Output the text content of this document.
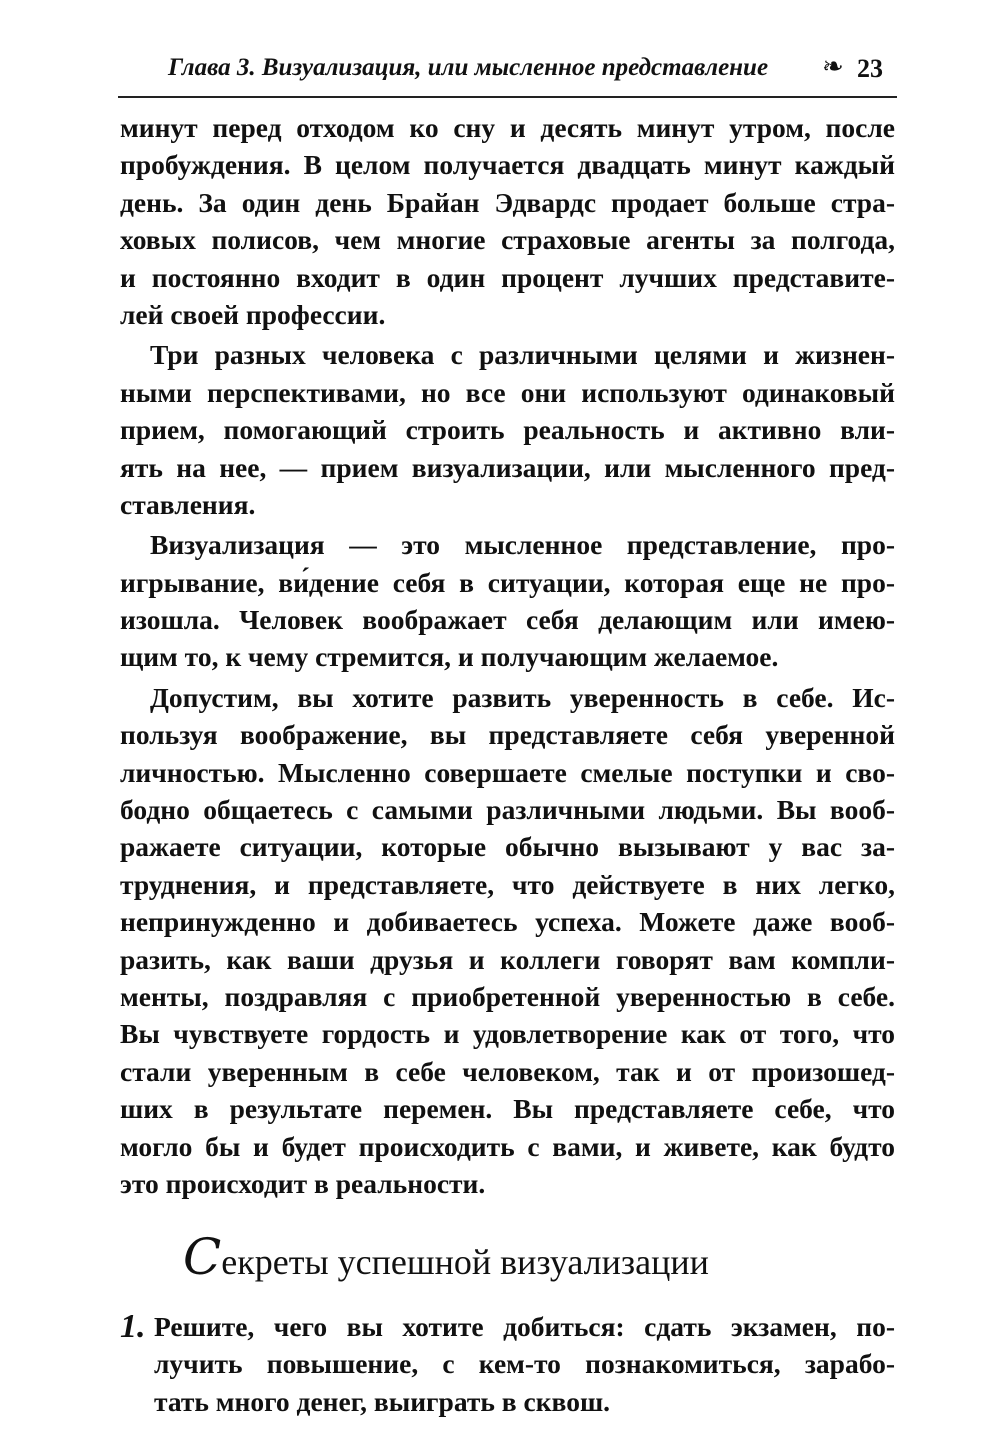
Глава 3. Визуализация, или мысленное представление ❧ 23
минут перед отходом ко сну и десять минут утром, после
пробуждения. В целом получается двадцать минут каждый
день. За один день Брайан Эдвардс продает больше стра-
ховых полисов, чем многие страховые агенты за полгода,
и постоянно входит в один процент лучших представите-
лей своей профессии.
Три разных человека с различными целями и жизнен-
ными перспективами, но все они используют одинаковый
прием, помогающий строить реальность и активно вли-
ять на нее, — прием визуализации, или мысленного пред-
ставления.
Визуализация — это мысленное представление, про-
игрывание, ви́дение себя в ситуации, которая еще не про-
изошла. Человек воображает себя делающим или имею-
щим то, к чему стремится, и получающим желаемое.
Допустим, вы хотите развить уверенность в себе. Ис-
пользуя воображение, вы представляете себя уверенной
личностью. Мысленно совершаете смелые поступки и сво-
бодно общаетесь с самыми различными людьми. Вы вооб-
ражаете ситуации, которые обычно вызывают у вас за-
труднения, и представляете, что действуете в них легко,
непринужденно и добиваетесь успеха. Можете даже вооб-
разить, как ваши друзья и коллеги говорят вам компли-
менты, поздравляя с приобретенной уверенностью в себе.
Вы чувствуете гордость и удовлетворение как от того, что
стали уверенным в себе человеком, так и от произошед-
ших в результате перемен. Вы представляете себе, что
могло бы и будет происходить с вами, и живете, как будто
это происходит в реальности.
Секреты успешной визуализации
1. Решите, чего вы хотите добиться: сдать экзамен, по-
лучить повышение, с кем-то познакомиться, зарабо-
тать много денег, выиграть в сквош.
